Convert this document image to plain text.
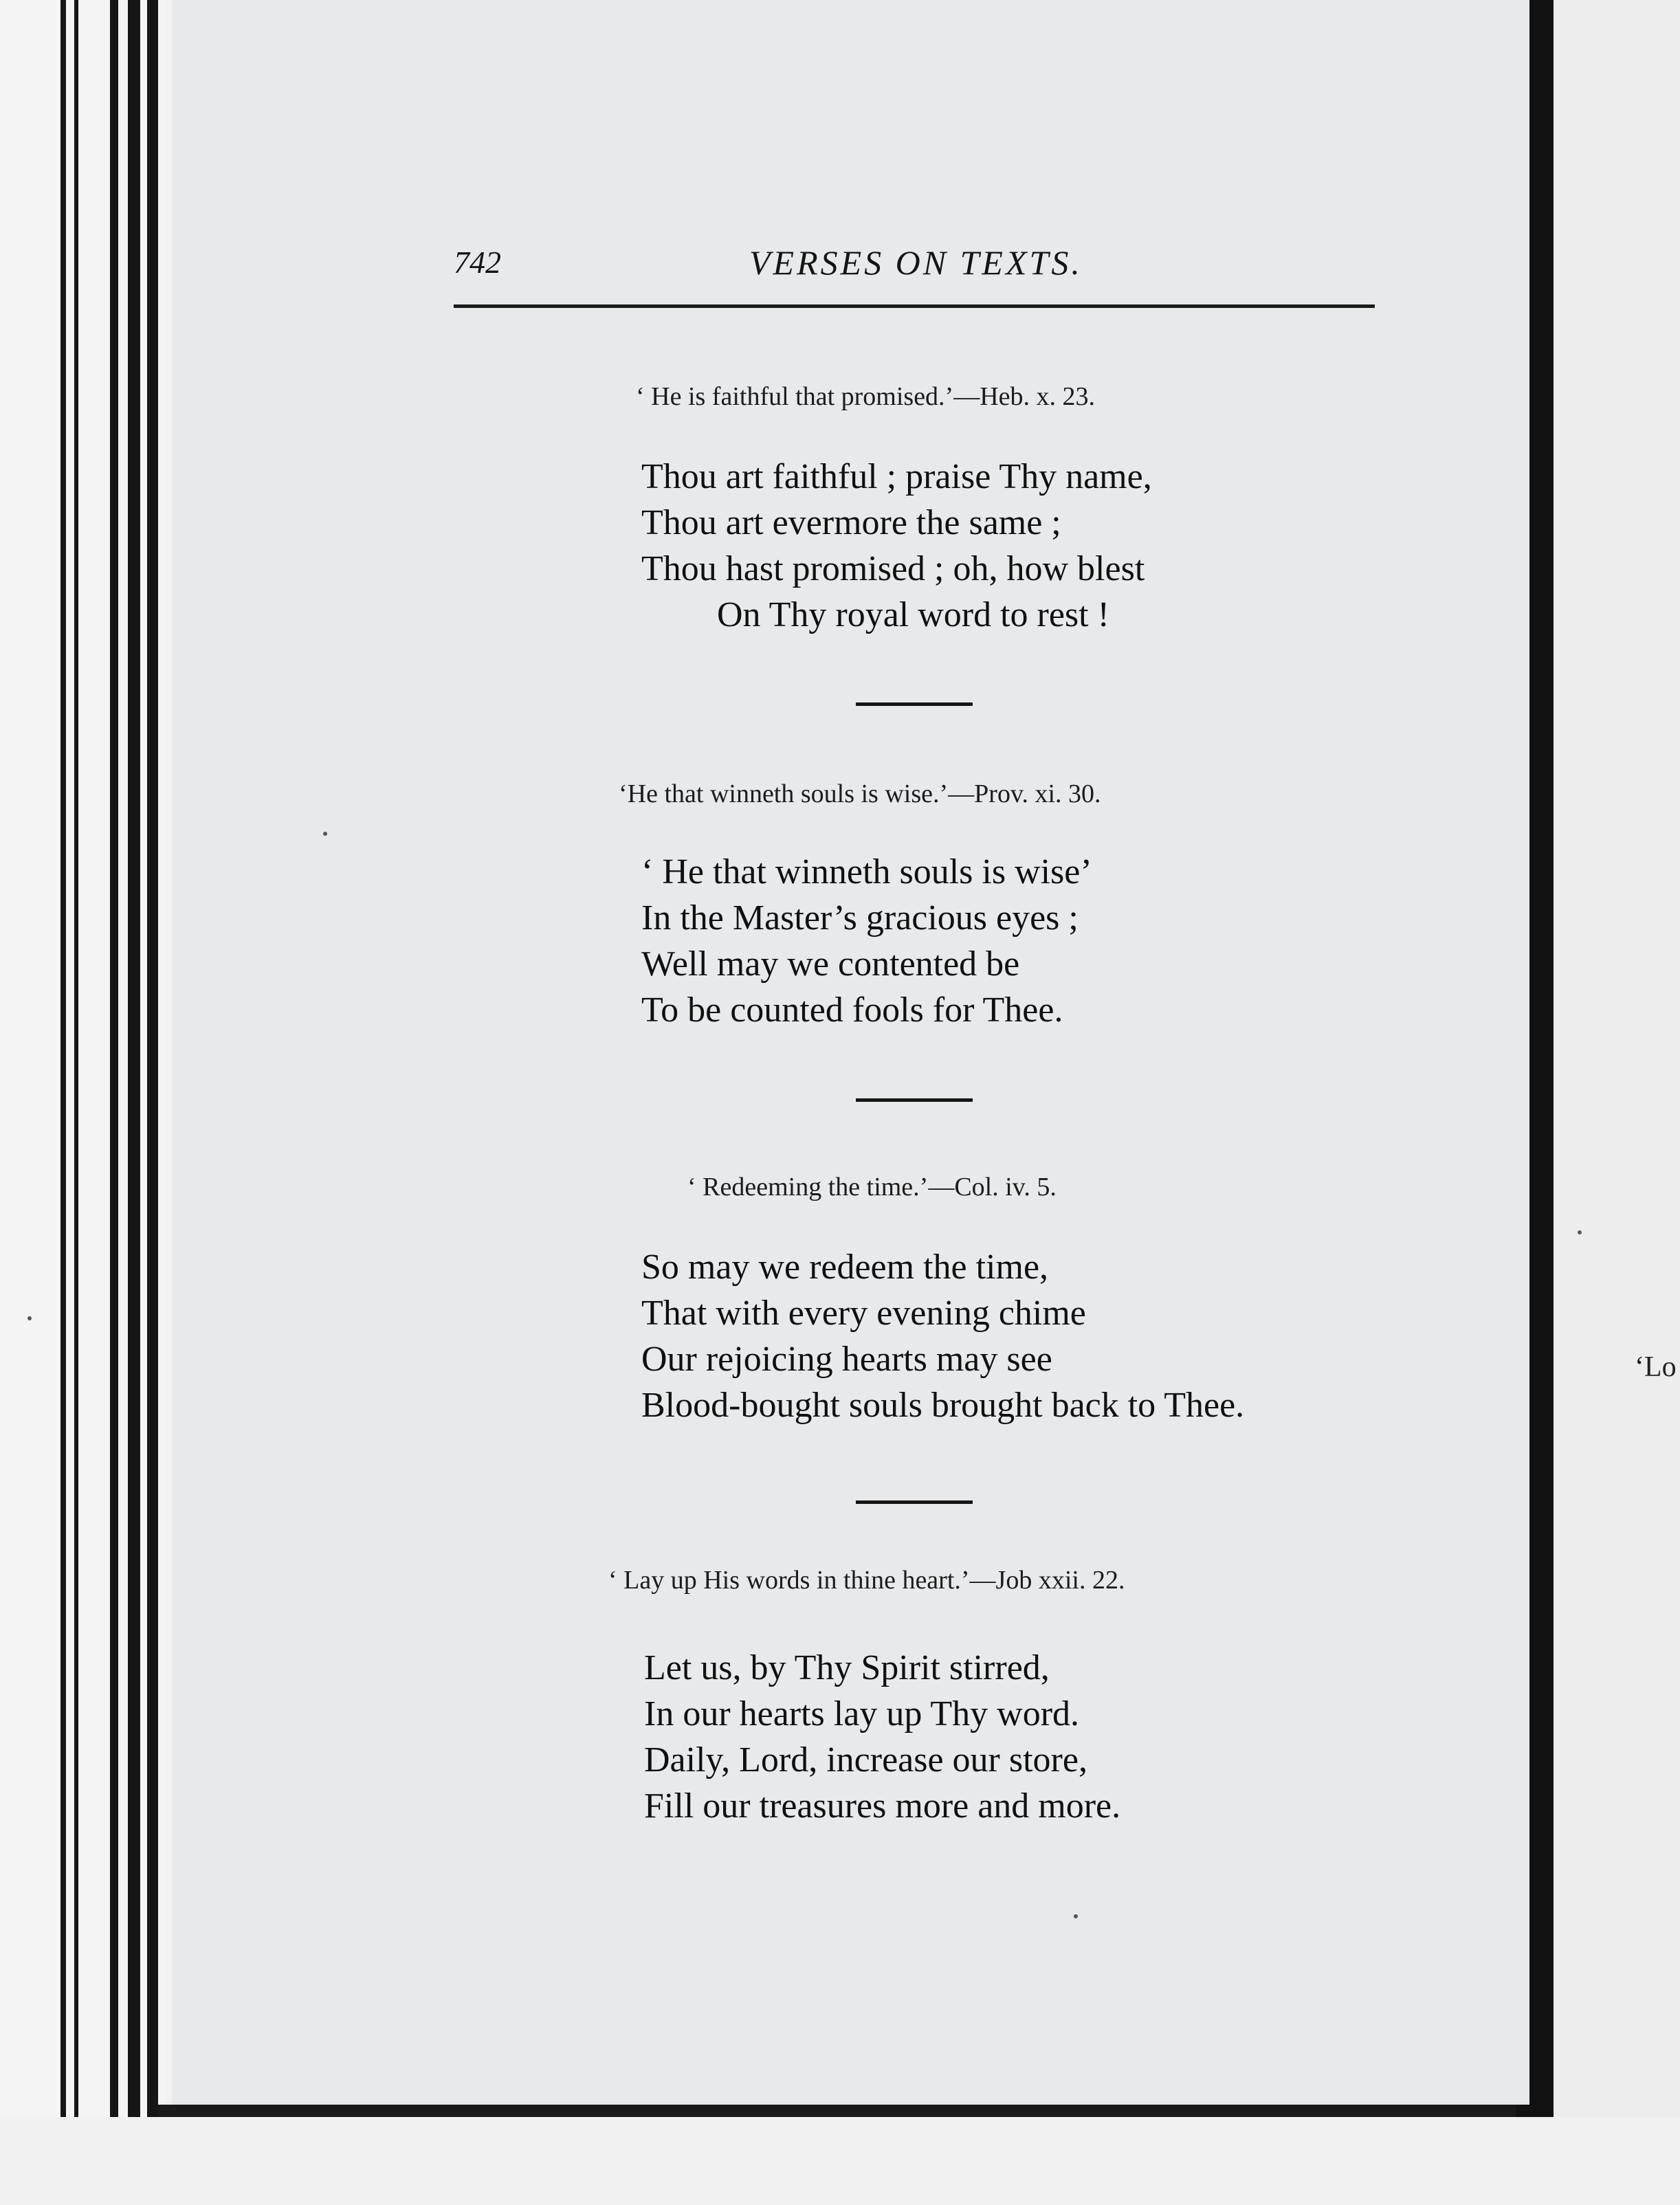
742	VERSES ON TEXTS.
‘ He is faithful that promised.’—Heb. x. 23.
Thou art faithful ; praise Thy name,
Thou art evermore the same ;
Thou hast promised ; oh, how blest
On Thy royal word to rest !
‘He that winneth souls is wise.’—Prov. xi. 30.
‘ He that winneth souls is wise’
In the Master’s gracious eyes ;
Well may we contented be
To be counted fools for Thee.
‘ Redeeming the time.’—Col. iv. 5.
So may we redeem the time,
That with every evening chime
Our rejoicing hearts may see
Blood-bought souls brought back to Thee.
‘ Lay up His words in thine heart.’—Job xxii. 22.
Let us, by Thy Spirit stirred,
In our hearts lay up Thy word.
Daily, Lord, increase our store,
Fill our treasures more and more.
‘Lo
